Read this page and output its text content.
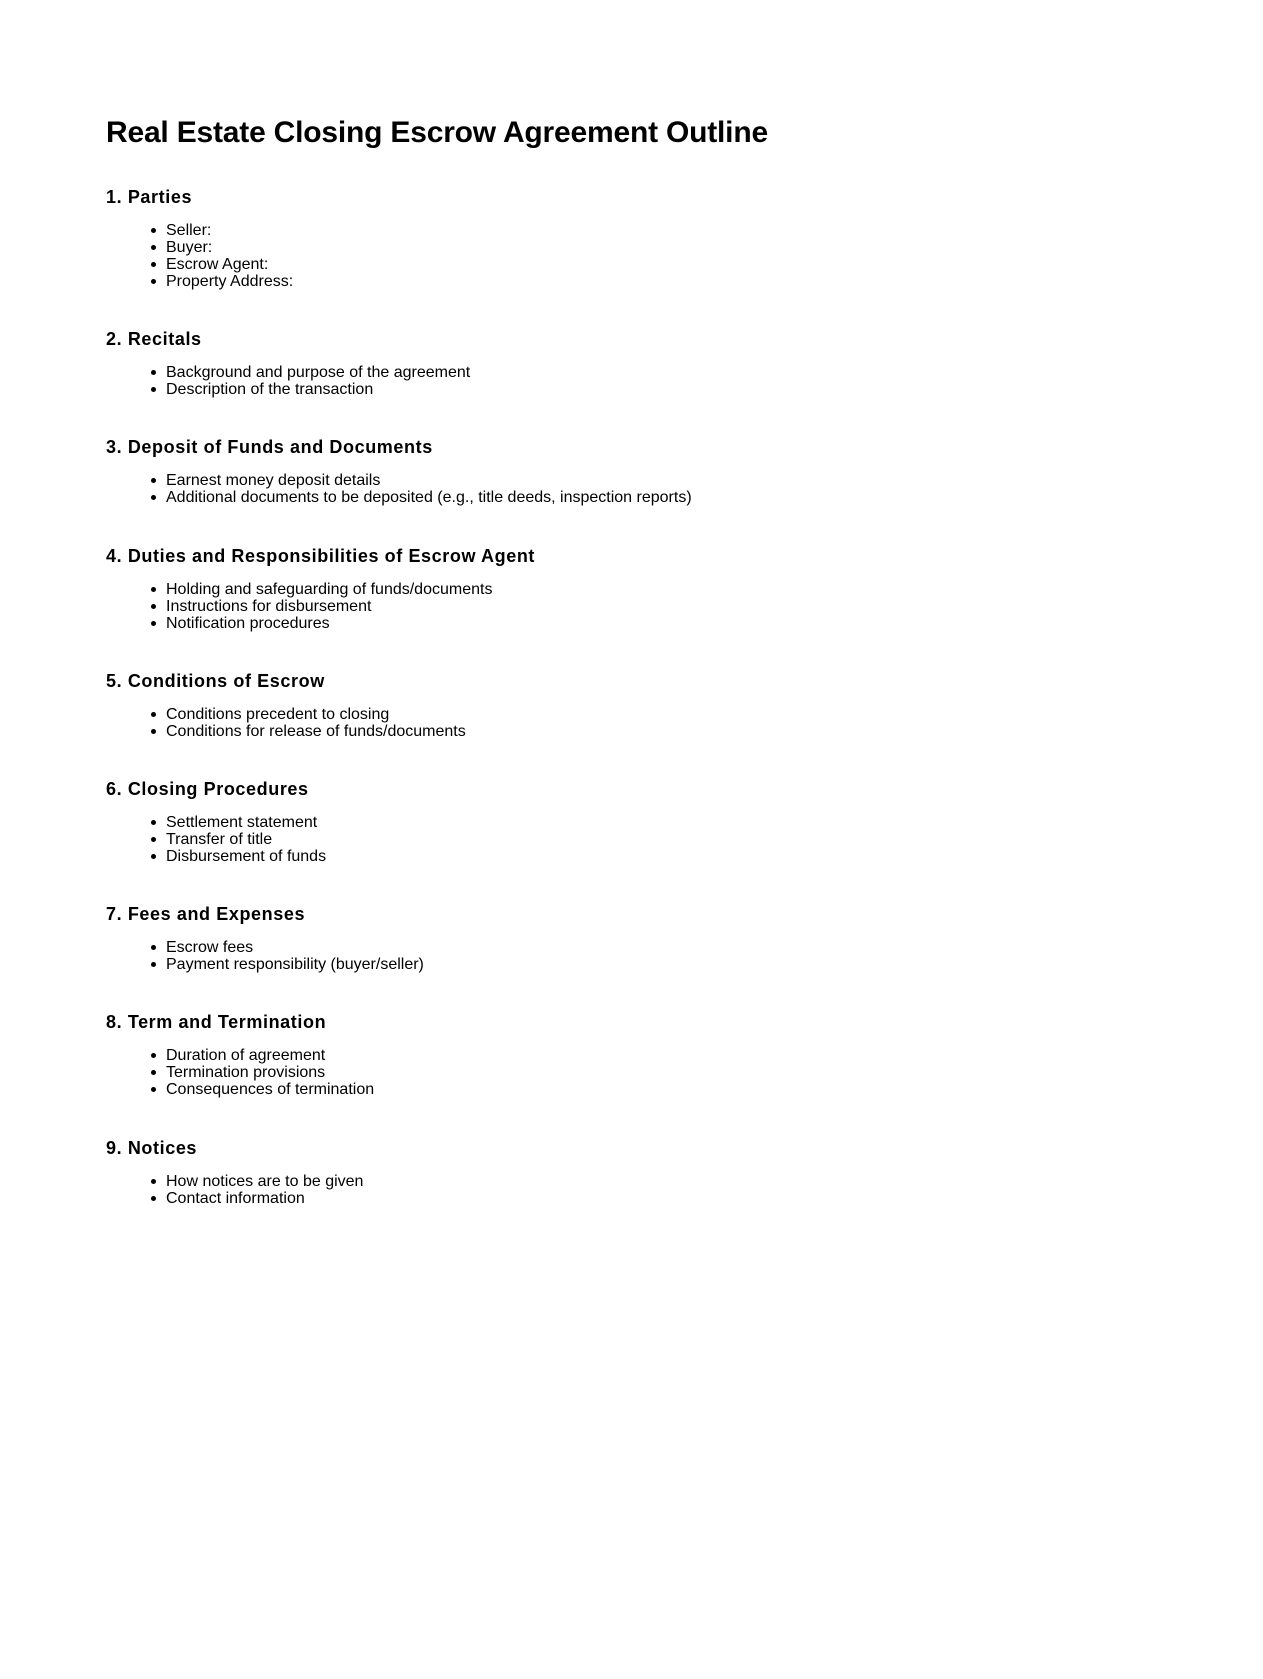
Real Estate Closing Escrow Agreement Outline
1. Parties
Seller:
Buyer:
Escrow Agent:
Property Address:
2. Recitals
Background and purpose of the agreement
Description of the transaction
3. Deposit of Funds and Documents
Earnest money deposit details
Additional documents to be deposited (e.g., title deeds, inspection reports)
4. Duties and Responsibilities of Escrow Agent
Holding and safeguarding of funds/documents
Instructions for disbursement
Notification procedures
5. Conditions of Escrow
Conditions precedent to closing
Conditions for release of funds/documents
6. Closing Procedures
Settlement statement
Transfer of title
Disbursement of funds
7. Fees and Expenses
Escrow fees
Payment responsibility (buyer/seller)
8. Term and Termination
Duration of agreement
Termination provisions
Consequences of termination
9. Notices
How notices are to be given
Contact information
